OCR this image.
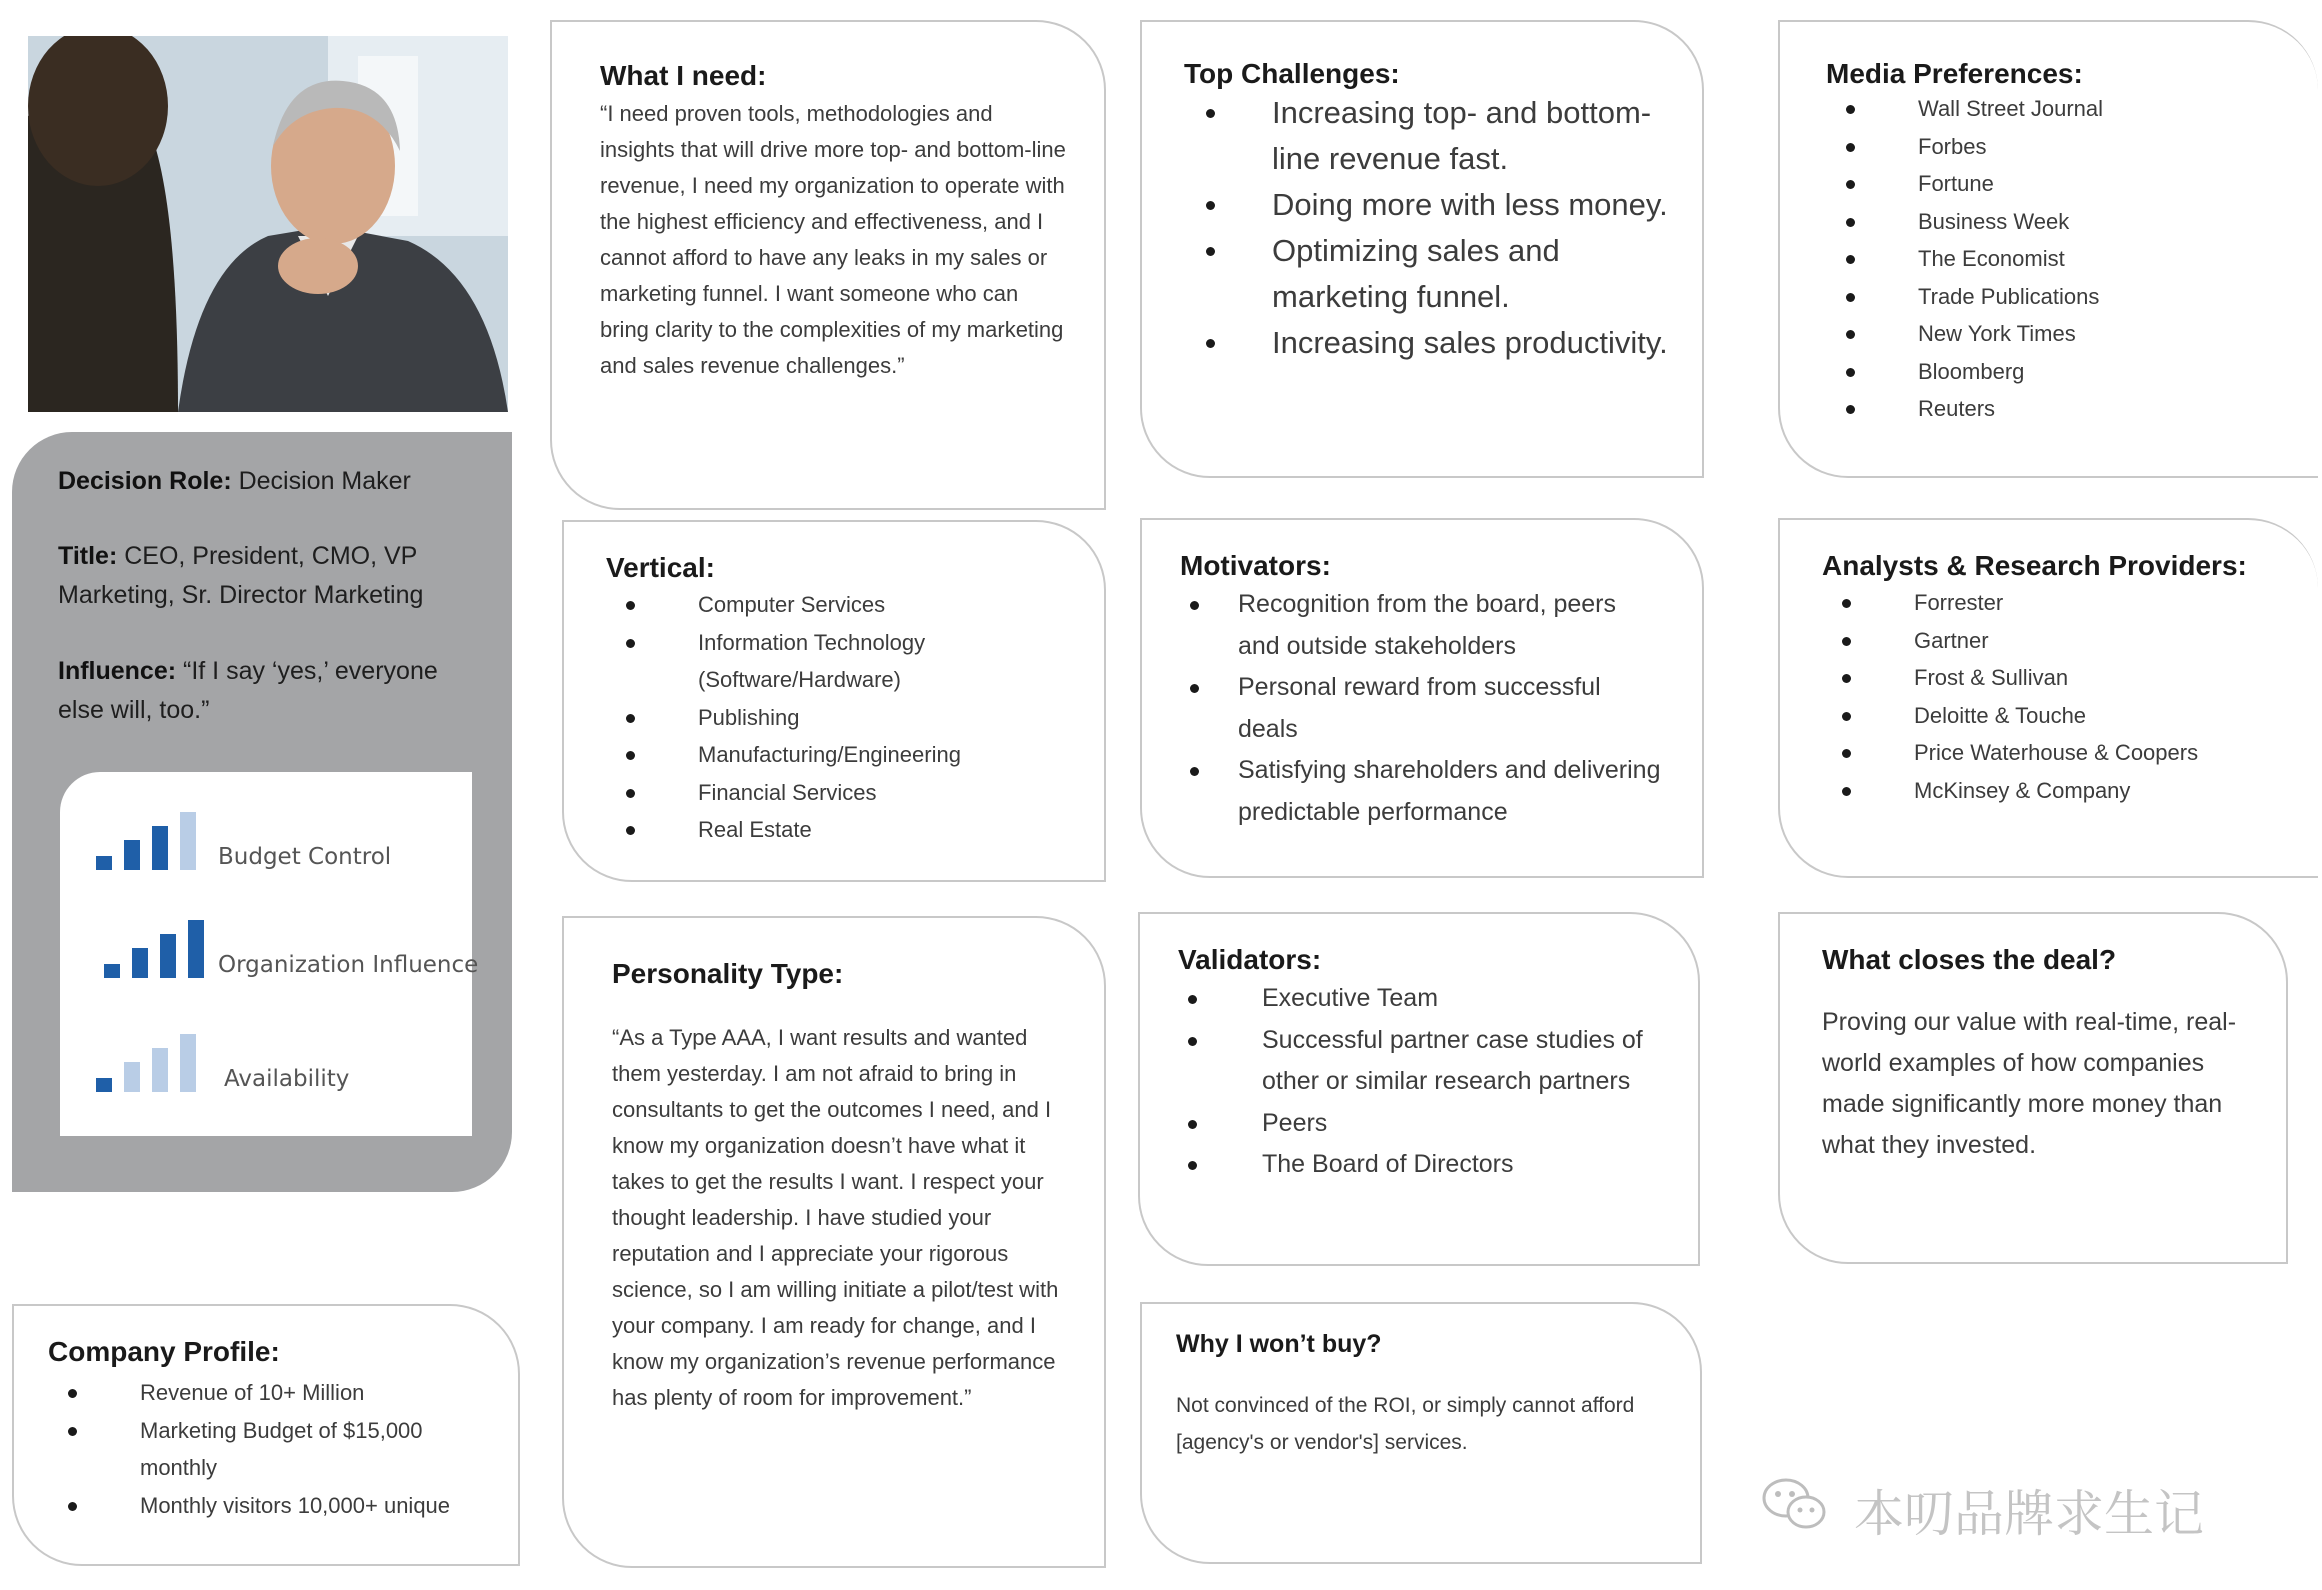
Decision Role: Decision Maker

Title: CEO, President, CMO, VP Marketing, Sr. Director Marketing

Influence: “If I say ‘yes,’ everyone else will, too.”

Budget Control
Organization Influence
Availability
Company Profile:
Revenue of 10+ Million
Marketing Budget of $15,000 monthly
Monthly visitors 10,000+ unique
What I need:

“I need proven tools, methodologies and insights that will drive more top- and bottom-line revenue, I need my organization to operate with the highest efficiency and effectiveness, and I cannot afford to have any leaks in my sales or marketing funnel. I want someone who can bring clarity to the complexities of my marketing and sales revenue challenges.”

Top Challenges:
Increasing top- and bottom-line revenue fast.
Doing more with less money.
Optimizing sales and marketing funnel.
Increasing sales productivity.
Media Preferences:
Wall Street Journal
Forbes
Fortune
Business Week
The Economist
Trade Publications
New York Times
Bloomberg
Reuters
Vertical:
Computer Services
Information Technology (Software/Hardware)
Publishing
Manufacturing/Engineering
Financial Services
Real Estate
Motivators:
Recognition from the board, peers and outside stakeholders
Personal reward from successful deals
Satisfying shareholders and delivering predictable performance
Analysts & Research Providers:
Forrester
Gartner
Frost & Sullivan
Deloitte & Touche
Price Waterhouse & Coopers
McKinsey & Company
Personality Type:

“As a Type AAA, I want results and wanted them yesterday. I am not afraid to bring in consultants to get the outcomes I need, and I know my organization doesn’t have what it takes to get the results I want. I respect your thought leadership. I have studied your reputation and I appreciate your rigorous science, so I am willing initiate a pilot/test with your company. I am ready for change, and I know my organization’s revenue performance has plenty of room for improvement.”

Validators:
Executive Team
Successful partner case studies of other or similar research partners
Peers
The Board of Directors
What closes the deal?

Proving our value with real-time, real-world examples of how companies made significantly more money than what they invested.

Why I won’t buy?

Not convinced of the ROI, or simply cannot afford [agency's or vendor's] services.

本叨品牌求生记
